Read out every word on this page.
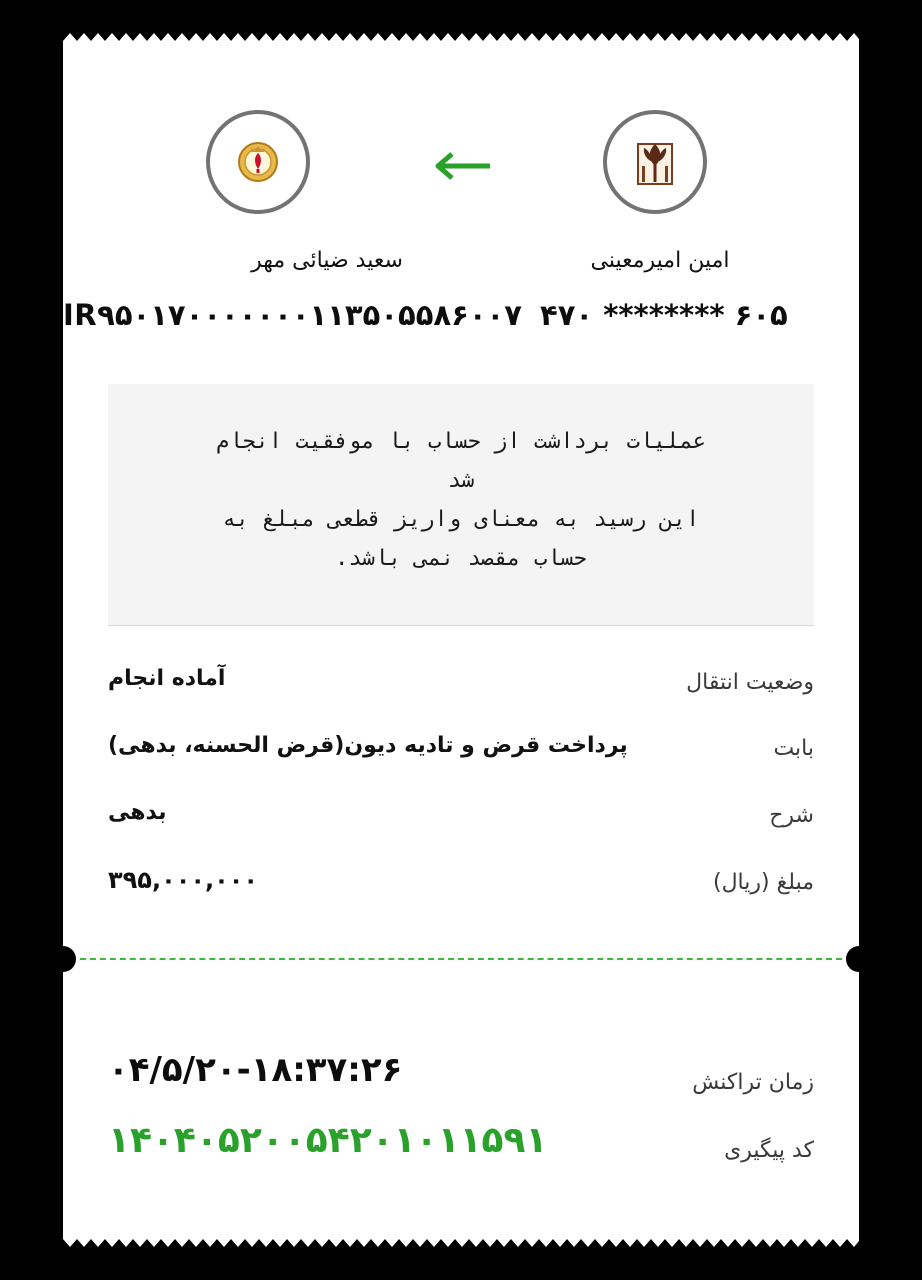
سعید ضیائی مهر	امین امیرمعینی
IR۹۵۰۱۷۰۰۰۰۰۰۰۱۱۳۵۰۵۵۸۶۰۰۷ ۴۷۰ ******** ۶۰۵
عملیات برداشت از حساب با موفقیت انجام
شد
این رسید به معنای واریز قطعی مبلغ به
حساب مقصد نمی باشد.
وضعیت انتقال
آماده انجام
بابت
پرداخت قرض و تادیه دیون(قرض الحسنه، بدهی)
شرح
بدهی
مبلغ (ریال)
۳۹۵,۰۰۰,۰۰۰
زمان تراکنش
۰۴/۵/۲۰-۱۸:۳۷:۲۶
کد پیگیری
۱۴۰۴۰۵۲۰۰۵۴۲۰۱۰۱۱۵۹۱
